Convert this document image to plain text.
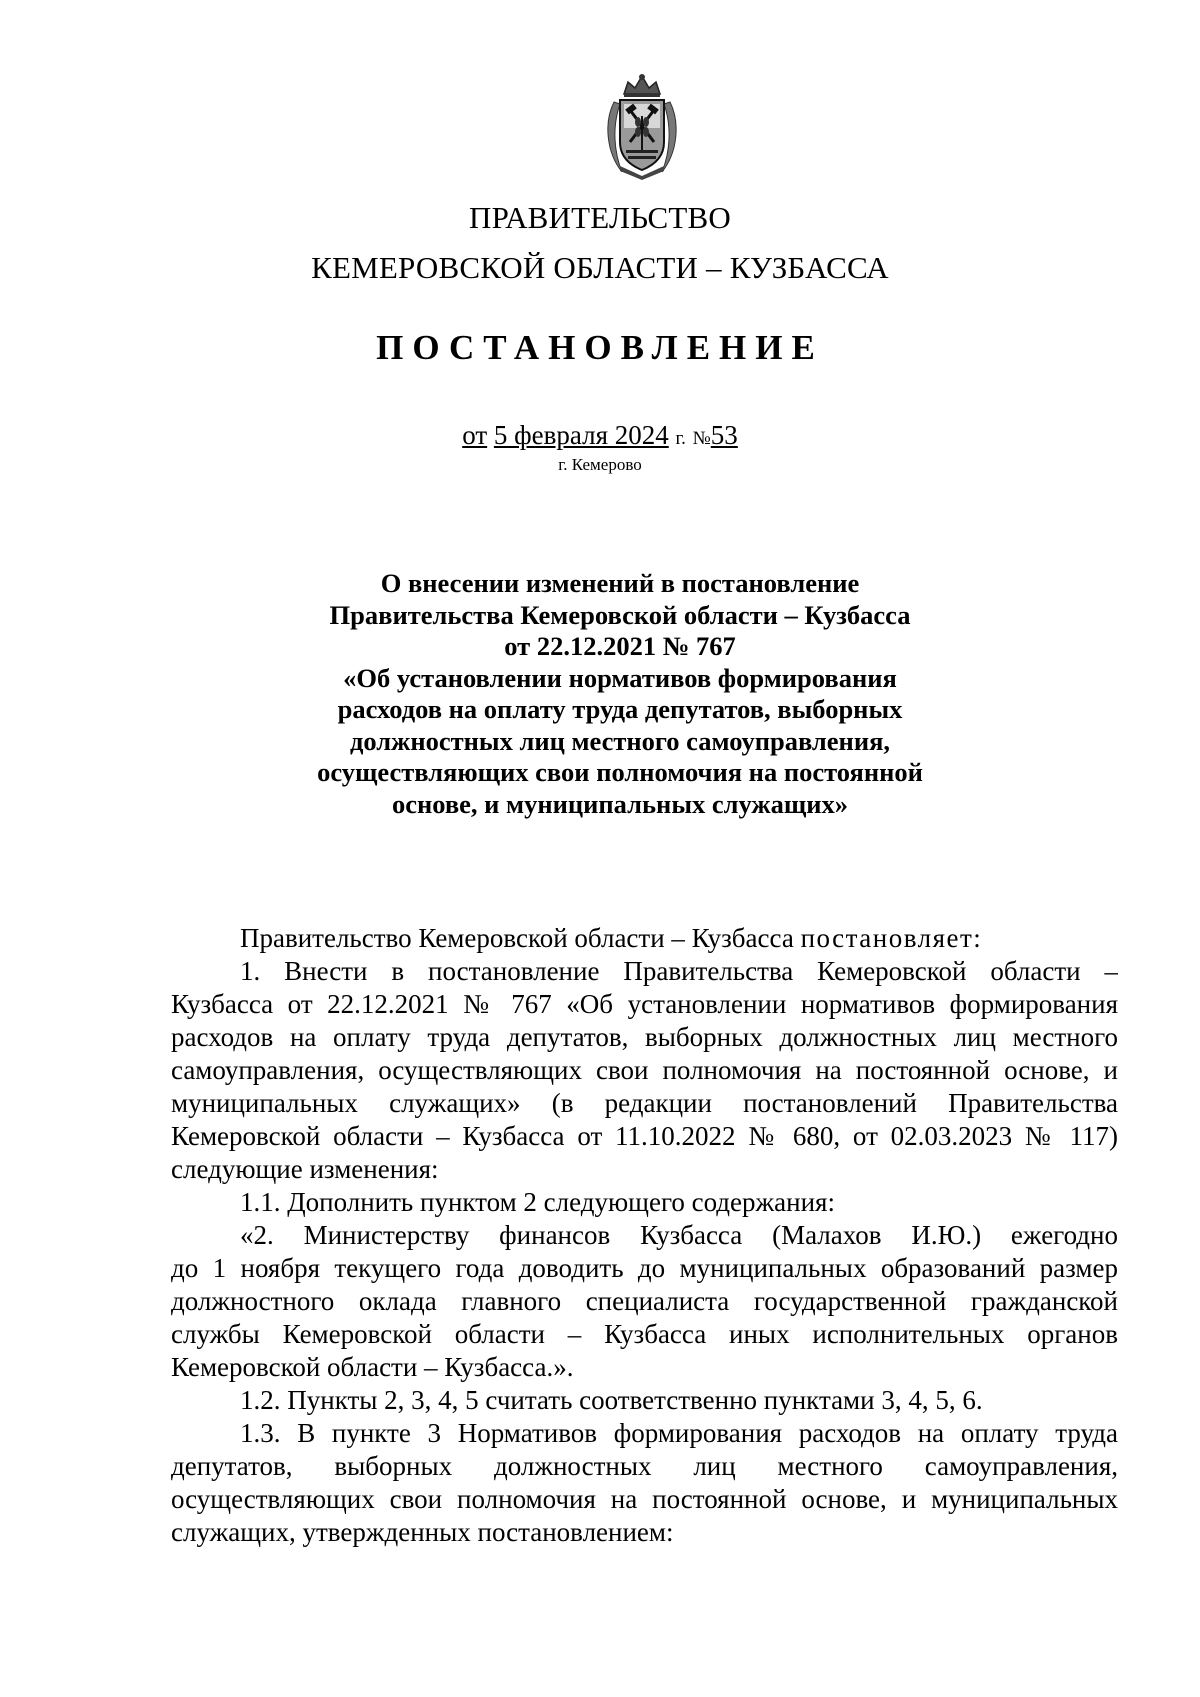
ПРАВИТЕЛЬСТВО
КЕМЕРОВСКОЙ ОБЛАСТИ – КУЗБАССА
ПОСТАНОВЛЕНИЕ
от 5 февраля 2024 г. №53
г. Кемерово
О внесении изменений в постановление
Правительства Кемеровской области – Кузбасса
от 22.12.2021 № 767
«Об установлении нормативов формирования
расходов на оплату труда депутатов, выборных
должностных лиц местного самоуправления,
осуществляющих свои полномочия на постоянной
основе, и муниципальных служащих»
Правительство Кемеровской области – Кузбасса постановляет:
1. Внести в постановление Правительства Кемеровской области –
Кузбасса от 22.12.2021 № 767 «Об установлении нормативов формирования
расходов на оплату труда депутатов, выборных должностных лиц местного
самоуправления, осуществляющих свои полномочия на постоянной основе, и
муниципальных служащих» (в редакции постановлений Правительства
Кемеровской области – Кузбасса от 11.10.2022 № 680, от 02.03.2023 № 117)
следующие изменения:
1.1. Дополнить пунктом 2 следующего содержания:
«2. Министерству финансов Кузбасса (Малахов И.Ю.) ежегодно
до 1 ноября текущего года доводить до муниципальных образований размер
должностного оклада главного специалиста государственной гражданской
службы Кемеровской области – Кузбасса иных исполнительных органов
Кемеровской области – Кузбасса.».
1.2. Пункты 2, 3, 4, 5 считать соответственно пунктами 3, 4, 5, 6.
1.3. В пункте 3 Нормативов формирования расходов на оплату труда
депутатов, выборных должностных лиц местного самоуправления,
осуществляющих свои полномочия на постоянной основе, и муниципальных
служащих, утвержденных постановлением:
